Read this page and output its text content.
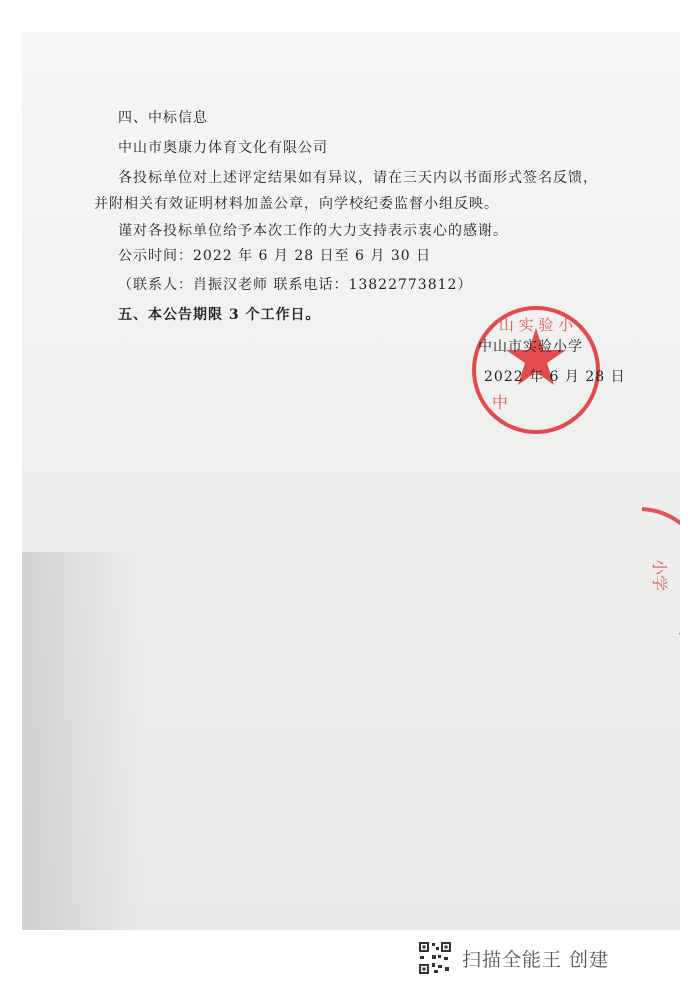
四、中标信息
中山市奥康力体育文化有限公司
各投标单位对上述评定结果如有异议，请在三天内以书面形式签名反馈，
并附相关有效证明材料加盖公章，向学校纪委监督小组反映。
谨对各投标单位给予本次工作的大力支持表示衷心的感谢。
公示时间：2022 年 6 月 28 日至 6 月 30 日
（联系人：肖振汉老师 联系电话：13822773812）
五、本公告期限 3 个工作日。
山 实 验 小
中
中山市实验小学
2022 年 6 月 28 日
小学
扫描全能王 创建
